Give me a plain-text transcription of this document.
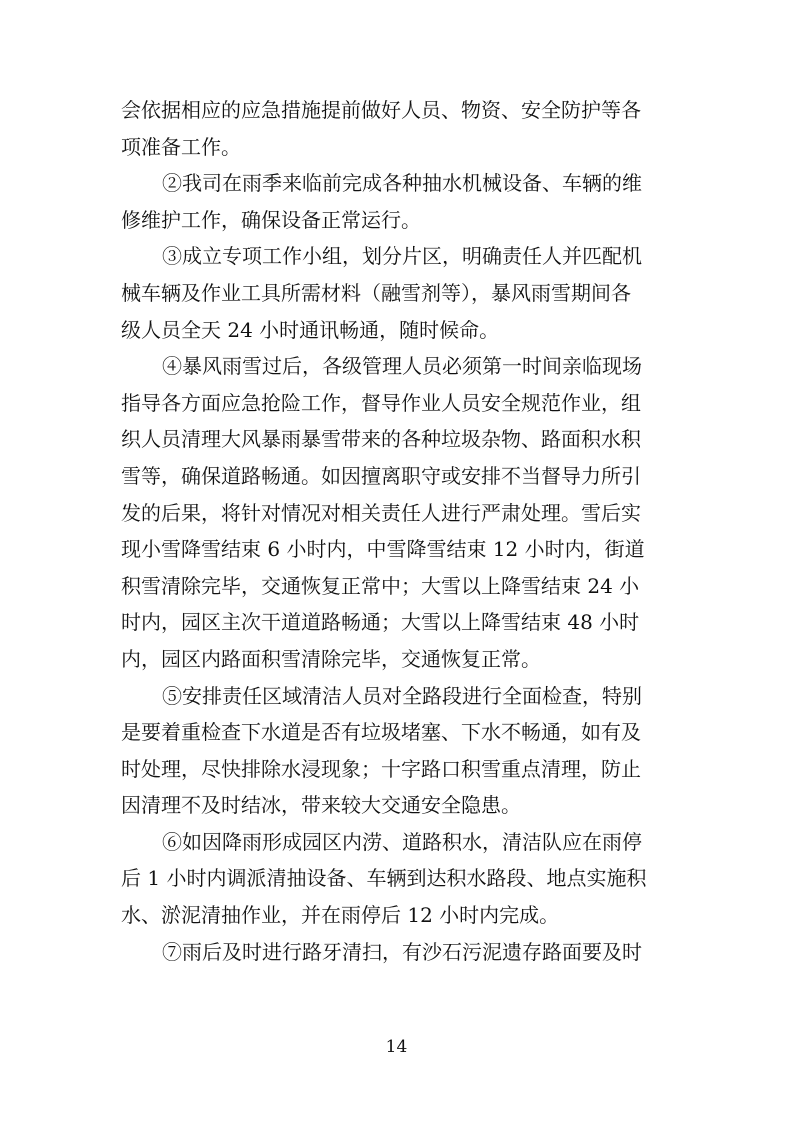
会依据相应的应急措施提前做好人员、物资、安全防护等各
项准备工作。
②我司在雨季来临前完成各种抽水机械设备、车辆的维
修维护工作，确保设备正常运行。
③成立专项工作小组，划分片区，明确责任人并匹配机
械车辆及作业工具所需材料（融雪剂等），暴风雨雪期间各
级人员全天 24 小时通讯畅通，随时候命。
④暴风雨雪过后，各级管理人员必须第一时间亲临现场
指导各方面应急抢险工作，督导作业人员安全规范作业，组
织人员清理大风暴雨暴雪带来的各种垃圾杂物、路面积水积
雪等，确保道路畅通。如因擅离职守或安排不当督导力所引
发的后果，将针对情况对相关责任人进行严肃处理。雪后实
现小雪降雪结束 6 小时内，中雪降雪结束 12 小时内，街道
积雪清除完毕，交通恢复正常中；大雪以上降雪结束 24 小
时内，园区主次干道道路畅通；大雪以上降雪结束 48 小时
内，园区内路面积雪清除完毕，交通恢复正常。
⑤安排责任区域清洁人员对全路段进行全面检查，特别
是要着重检查下水道是否有垃圾堵塞、下水不畅通，如有及
时处理，尽快排除水浸现象；十字路口积雪重点清理，防止
因清理不及时结冰，带来较大交通安全隐患。
⑥如因降雨形成园区内涝、道路积水，清洁队应在雨停
后 1 小时内调派清抽设备、车辆到达积水路段、地点实施积
水、淤泥清抽作业，并在雨停后 12 小时内完成。
⑦雨后及时进行路牙清扫，有沙石污泥遗存路面要及时
14
